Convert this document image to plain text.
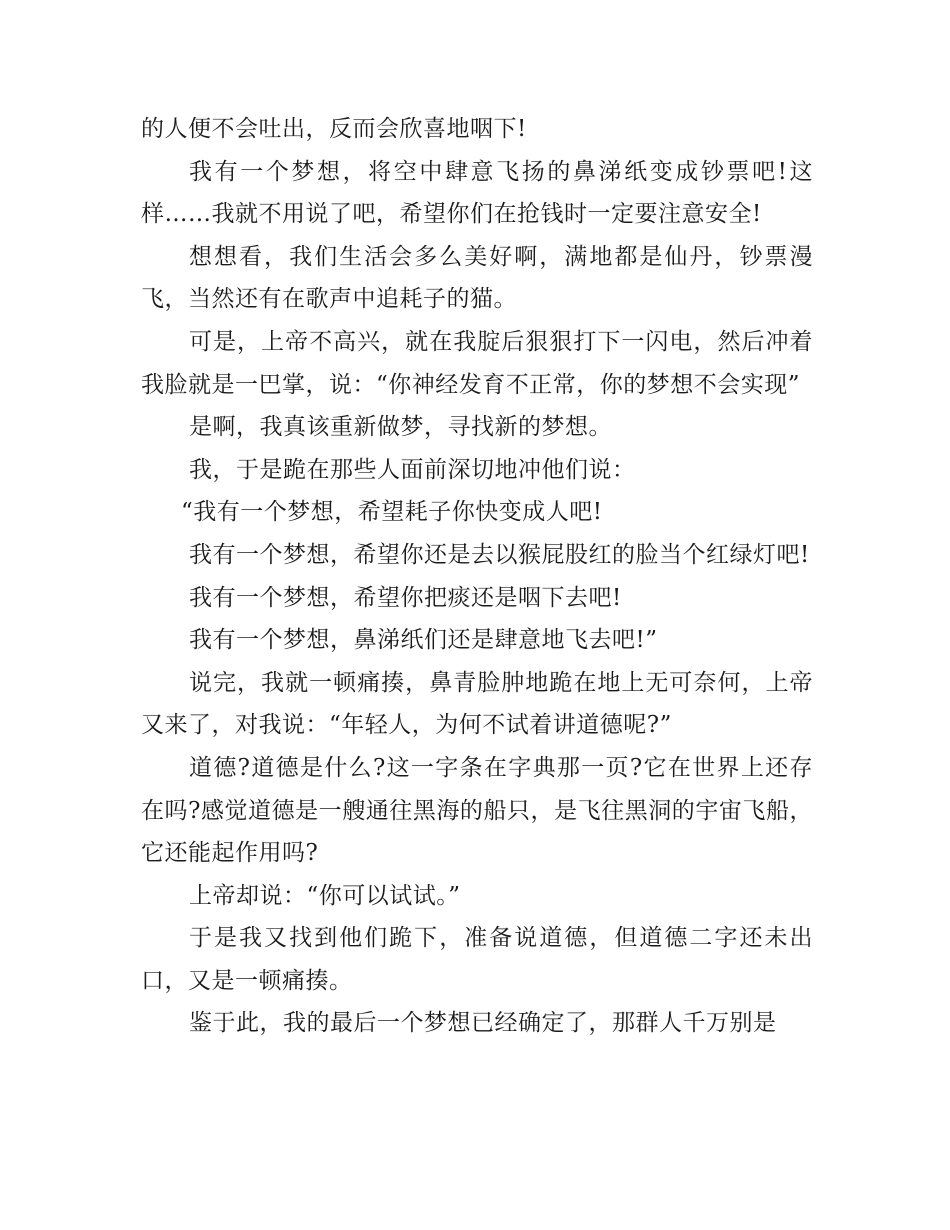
的人便不会吐出，反而会欣喜地咽下!

我有一个梦想，将空中肆意飞扬的鼻涕纸变成钞票吧!这样……我就不用说了吧，希望你们在抢钱时一定要注意安全!

想想看，我们生活会多么美好啊，满地都是仙丹，钞票漫飞，当然还有在歌声中追耗子的猫。

可是，上帝不高兴，就在我腚后狠狠打下一闪电，然后冲着我脸就是一巴掌，说：“你神经发育不正常，你的梦想不会实现”

是啊，我真该重新做梦，寻找新的梦想。

我，于是跪在那些人面前深切地冲他们说：

“我有一个梦想，希望耗子你快变成人吧!

我有一个梦想，希望你还是去以猴屁股红的脸当个红绿灯吧!

我有一个梦想，希望你把痰还是咽下去吧!

我有一个梦想，鼻涕纸们还是肆意地飞去吧!”

说完，我就一顿痛揍，鼻青脸肿地跪在地上无可奈何，上帝又来了，对我说：“年轻人，为何不试着讲道德呢?”

道德?道德是什么?这一字条在字典那一页?它在世界上还存在吗?感觉道德是一艘通往黑海的船只，是飞往黑洞的宇宙飞船，它还能起作用吗?

上帝却说：“你可以试试。”

于是我又找到他们跪下，准备说道德，但道德二字还未出口，又是一顿痛揍。

鉴于此，我的最后一个梦想已经确定了，那群人千万别是
